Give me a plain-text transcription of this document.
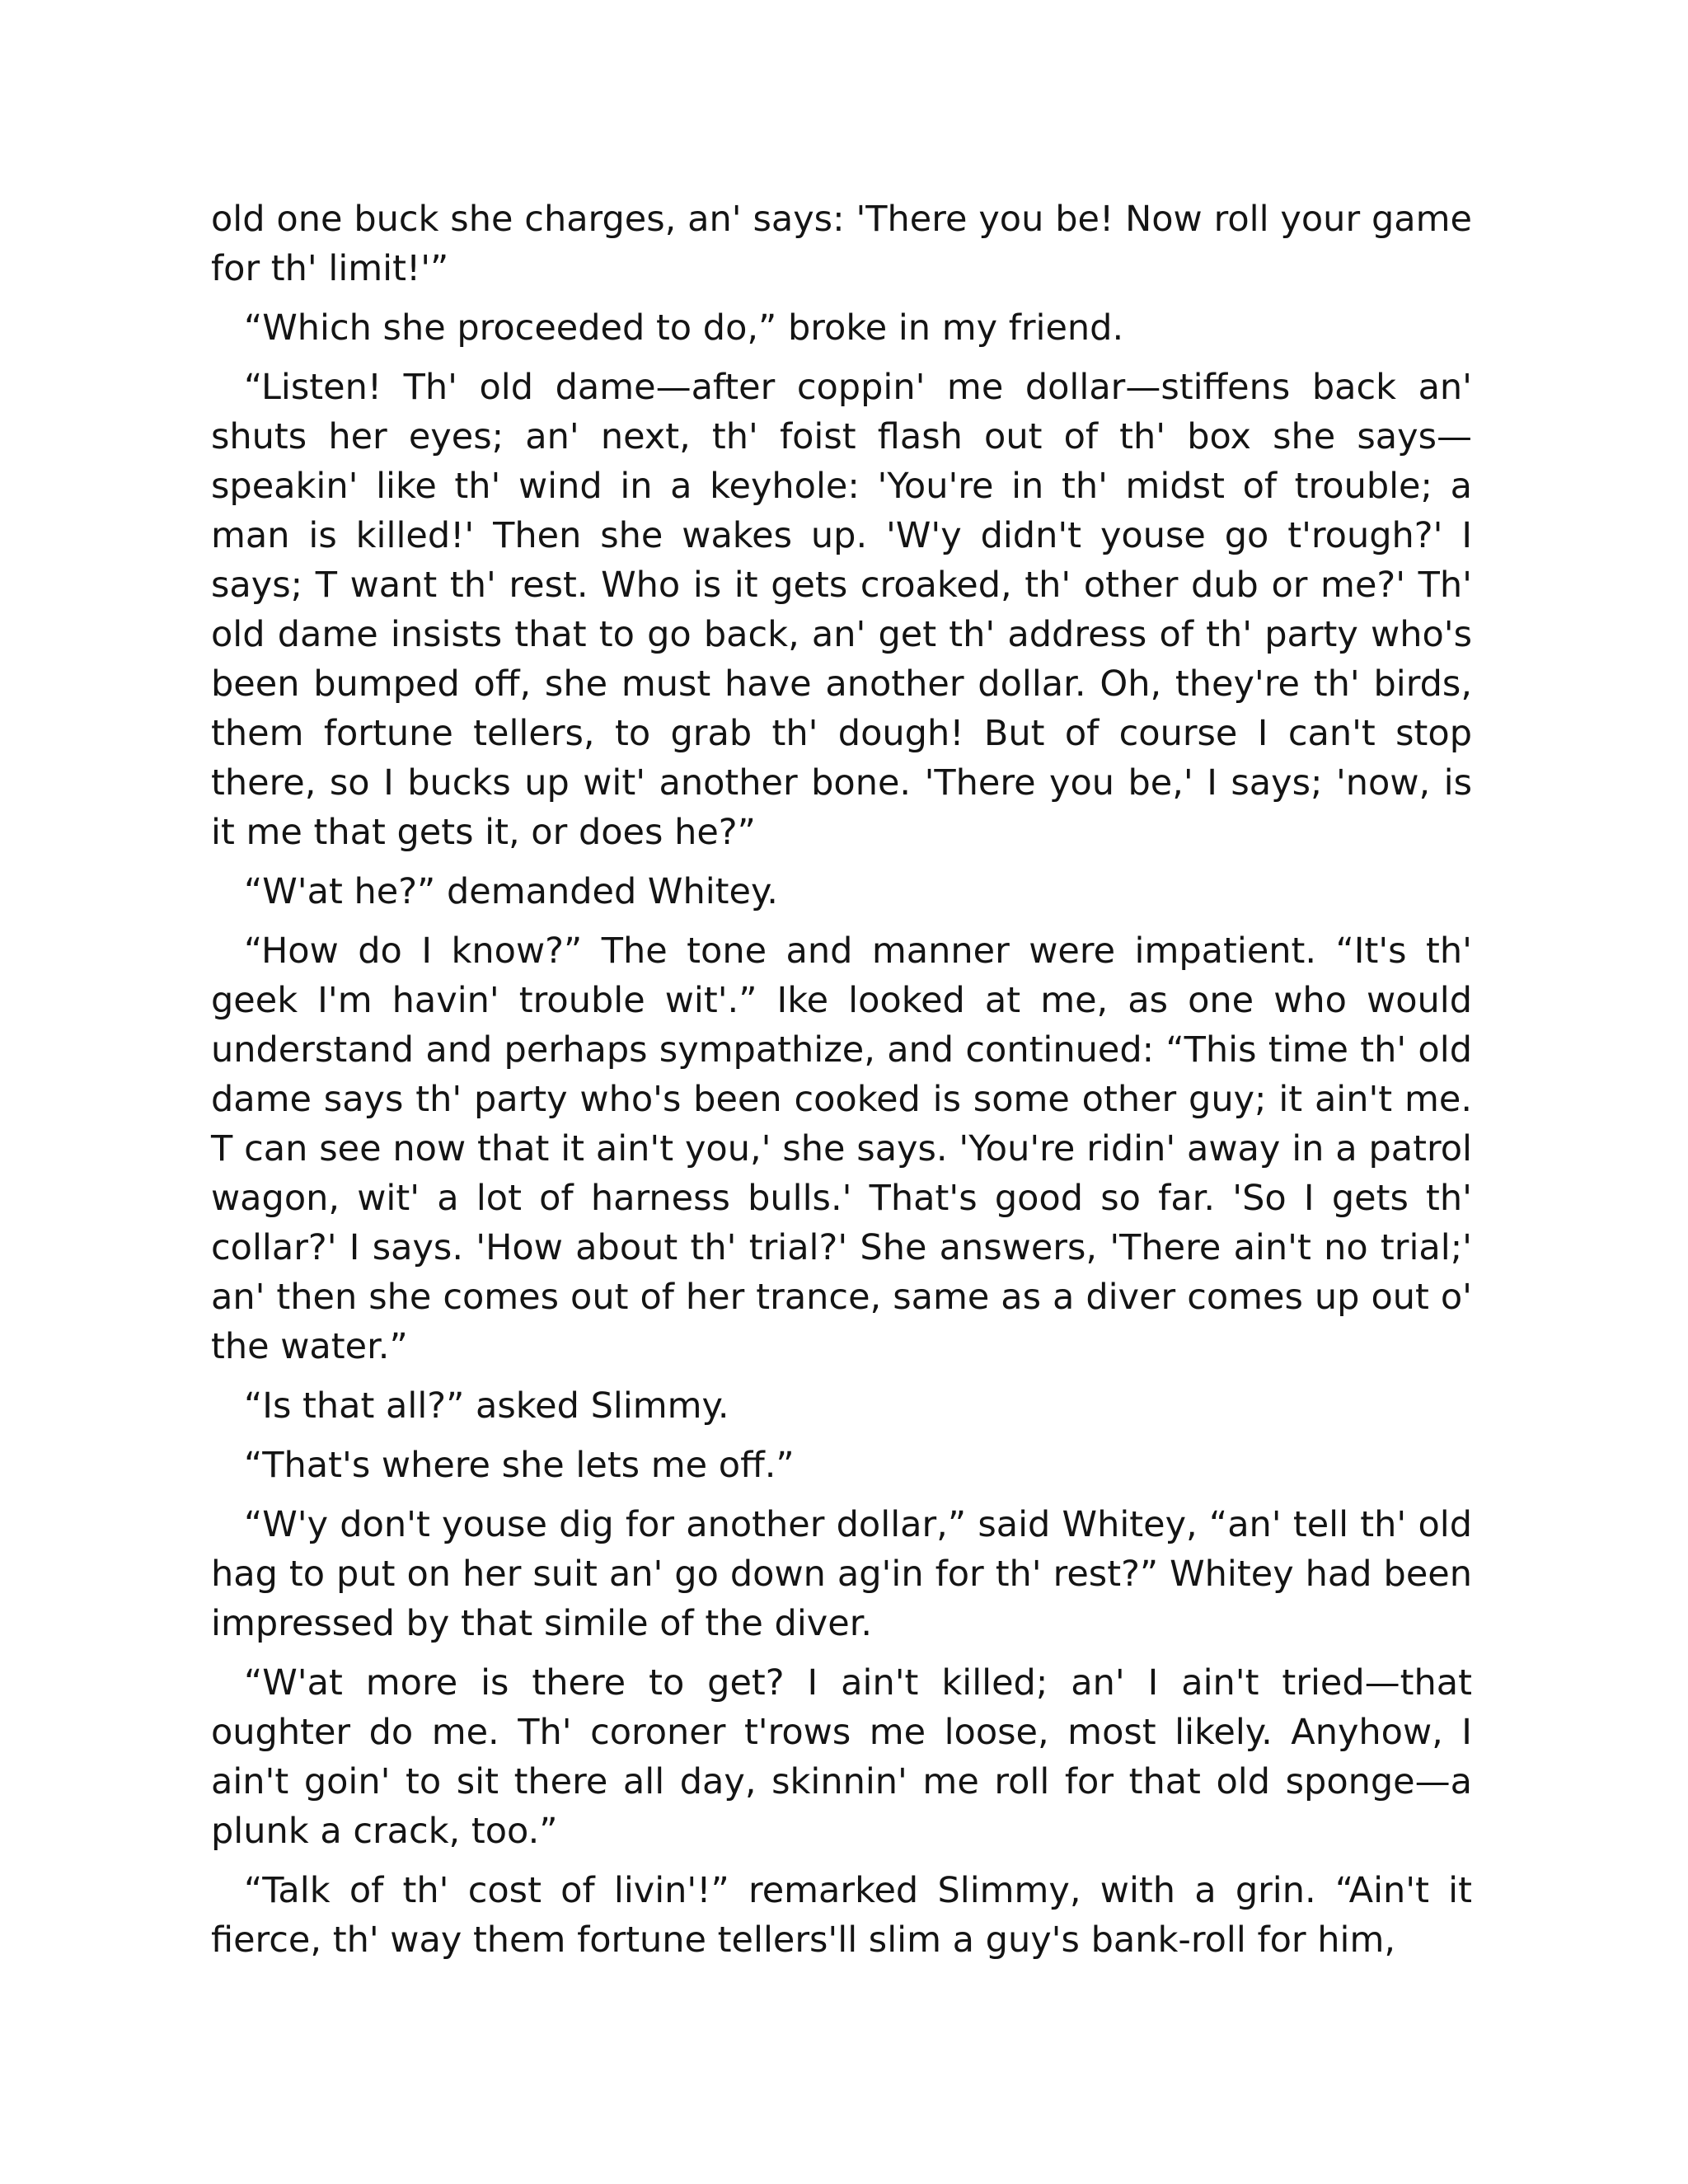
old one buck she charges, an' says: 'There you be! Now roll your game for th' limit!'”

“Which she proceeded to do,” broke in my friend.

“Listen! Th' old dame—after coppin' me dollar—stiffens back an' shuts her eyes; an' next, th' foist flash out of th' box she says—speakin' like th' wind in a keyhole: 'You're in th' midst of trouble; a man is killed!' Then she wakes up. 'W'y didn't youse go t'rough?' I says; T want th' rest. Who is it gets croaked, th' other dub or me?' Th' old dame insists that to go back, an' get th' address of th' party who's been bumped off, she must have another dollar. Oh, they're th' birds, them fortune tellers, to grab th' dough! But of course I can't stop there, so I bucks up wit' another bone. 'There you be,' I says; 'now, is it me that gets it, or does he?”

“W'at he?” demanded Whitey.

“How do I know?” The tone and manner were impatient. “It's th' geek I'm havin' trouble wit'.” Ike looked at me, as one who would understand and perhaps sympathize, and continued: “This time th' old dame says th' party who's been cooked is some other guy; it ain't me. T can see now that it ain't you,' she says. 'You're ridin' away in a patrol wagon, wit' a lot of harness bulls.' That's good so far. 'So I gets th' collar?' I says. 'How about th' trial?' She answers, 'There ain't no trial;' an' then she comes out of her trance, same as a diver comes up out o' the water.”

“Is that all?” asked Slimmy.

“That's where she lets me off.”

“W'y don't youse dig for another dollar,” said Whitey, “an' tell th' old hag to put on her suit an' go down ag'in for th' rest?” Whitey had been impressed by that simile of the diver.

“W'at more is there to get? I ain't killed; an' I ain't tried—that oughter do me. Th' coroner t'rows me loose, most likely. Anyhow, I ain't goin' to sit there all day, skinnin' me roll for that old sponge—a plunk a crack, too.”

“Talk of th' cost of livin'!” remarked Slimmy, with a grin. “Ain't it fierce, th' way them fortune tellers'll slim a guy's bank-roll for him,
